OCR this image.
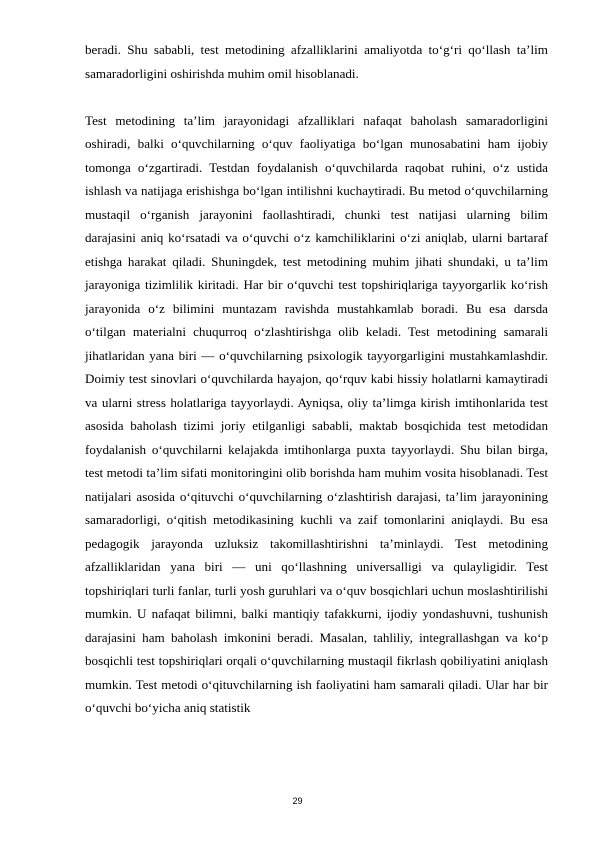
beradi. Shu sababli, test metodining afzalliklarini amaliyotda to‘g‘ri qo‘llash ta’lim samaradorligini oshirishda muhim omil hisoblanadi.

Test metodining ta’lim jarayonidagi afzalliklari nafaqat baholash samaradorligini oshiradi, balki o‘quvchilarning o‘quv faoliyatiga bo‘lgan munosabatini ham ijobiy tomonga o‘zgartiradi. Testdan foydalanish o‘quvchilarda raqobat ruhini, o‘z ustida ishlash va natijaga erishishga bo‘lgan intilishni kuchaytiradi. Bu metod o‘quvchilarning mustaqil o‘rganish jarayonini faollashtiradi, chunki test natijasi ularning bilim darajasini aniq ko‘rsatadi va o‘quvchi o‘z kamchiliklarini o‘zi aniqlab, ularni bartaraf etishga harakat qiladi. Shuningdek, test metodining muhim jihati shundaki, u ta’lim jarayoniga tizimlilik kiritadi. Har bir o‘quvchi test topshiriqlariga tayyorgarlik ko‘rish jarayonida o‘z bilimini muntazam ravishda mustahkamlab boradi. Bu esa darsda o‘tilgan materialni chuqurroq o‘zlashtirishga olib keladi. Test metodining samarali jihatlaridan yana biri — o‘quvchilarning psixologik tayyorgarligini mustahkamlashdir. Doimiy test sinovlari o‘quvchilarda hayajon, qo‘rquv kabi hissiy holatlarni kamaytiradi va ularni stress holatlariga tayyorlaydi. Ayniqsa, oliy ta’limga kirish imtihonlarida test asosida baholash tizimi joriy etilganligi sababli, maktab bosqichida test metodidan foydalanish o‘quvchilarni kelajakda imtihonlarga puxta tayyorlaydi. Shu bilan birga, test metodi ta’lim sifati monitoringini olib borishda ham muhim vosita hisoblanadi. Test natijalari asosida o‘qituvchi o‘quvchilarning o‘zlashtirish darajasi, ta’lim jarayonining samaradorligi, o‘qitish metodikasining kuchli va zaif tomonlarini aniqlaydi. Bu esa pedagogik jarayonda uzluksiz takomillashtirishni ta’minlaydi. Test metodining afzalliklaridan yana biri — uni qo‘llashning universalligi va qulayligidir. Test topshiriqlari turli fanlar, turli yosh guruhlari va o‘quv bosqichlari uchun moslashtirilishi mumkin. U nafaqat bilimni, balki mantiqiy tafakkurni, ijodiy yondashuvni, tushunish darajasini ham baholash imkonini beradi. Masalan, tahliliy, integrallashgan va ko‘p bosqichli test topshiriqlari orqali o‘quvchilarning mustaqil fikrlash qobiliyatini aniqlash mumkin. Test metodi o‘qituvchilarning ish faoliyatini ham samarali qiladi. Ular har bir o‘quvchi bo‘yicha aniq statistik

29
